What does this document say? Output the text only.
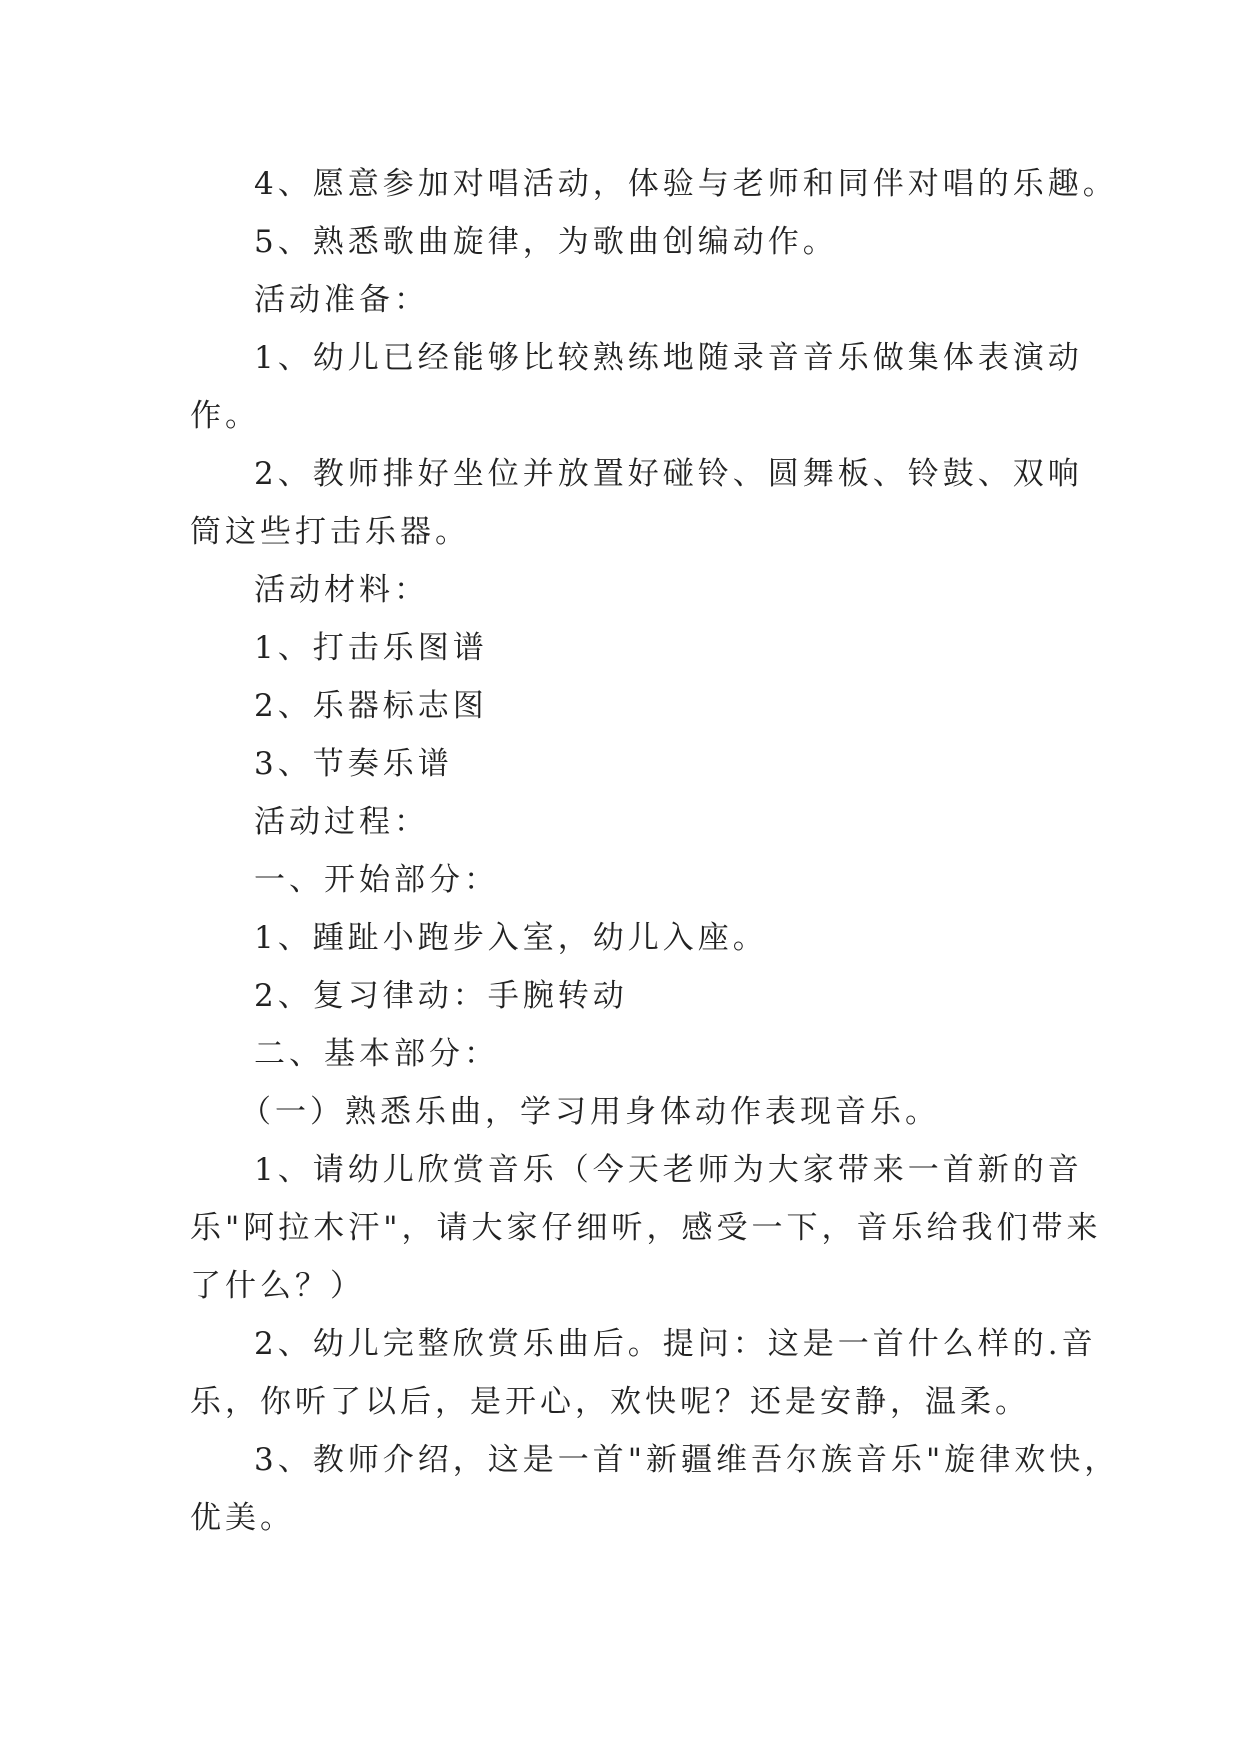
4、愿意参加对唱活动，体验与老师和同伴对唱的乐趣。
5、熟悉歌曲旋律，为歌曲创编动作。
活动准备：
1、幼儿已经能够比较熟练地随录音音乐做集体表演动
作。
2、教师排好坐位并放置好碰铃、圆舞板、铃鼓、双响
筒这些打击乐器。
活动材料：
1、打击乐图谱
2、乐器标志图
3、节奏乐谱
活动过程：
一、开始部分：
1、踵趾小跑步入室，幼儿入座。
2、复习律动：手腕转动
二、基本部分：
（一）熟悉乐曲，学习用身体动作表现音乐。
1、请幼儿欣赏音乐（今天老师为大家带来一首新的音
乐"阿拉木汗"，请大家仔细听，感受一下，音乐给我们带来
了什么？）
2、幼儿完整欣赏乐曲后。提问：这是一首什么样的.音
乐，你听了以后，是开心，欢快呢？还是安静，温柔。
3、教师介绍，这是一首"新疆维吾尔族音乐"旋律欢快，
优美。
